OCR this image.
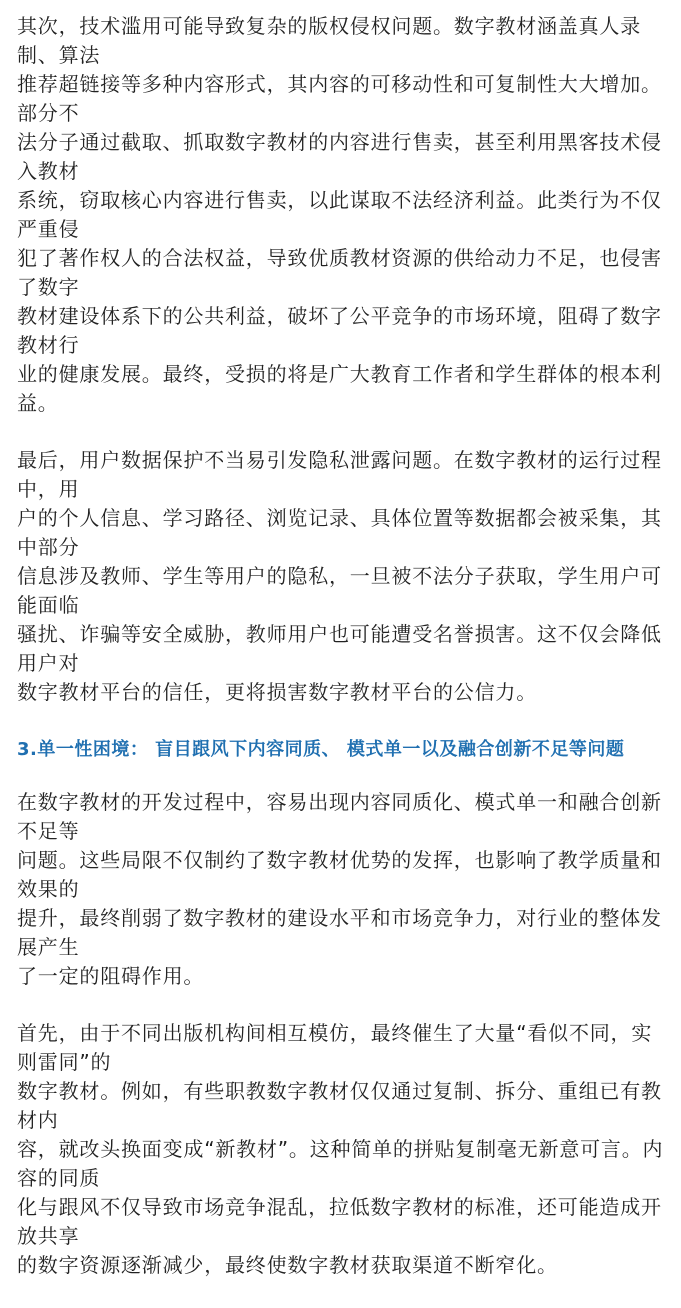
其次，技术滥用可能导致复杂的版权侵权问题。数字教材涵盖真人录制、算法
推荐超链接等多种内容形式，其内容的可移动性和可复制性大大增加。部分不
法分子通过截取、抓取数字教材的内容进行售卖，甚至利用黑客技术侵入教材
系统，窃取核心内容进行售卖，以此谋取不法经济利益。此类行为不仅严重侵
犯了著作权人的合法权益，导致优质教材资源的供给动力不足，也侵害了数字
教材建设体系下的公共利益，破坏了公平竞争的市场环境，阻碍了数字教材行
业的健康发展。最终，受损的将是广大教育工作者和学生群体的根本利益。
最后，用户数据保护不当易引发隐私泄露问题。在数字教材的运行过程中，用
户的个人信息、学习路径、浏览记录、具体位置等数据都会被采集，其中部分
信息涉及教师、学生等用户的隐私，一旦被不法分子获取，学生用户可能面临
骚扰、诈骗等安全威胁，教师用户也可能遭受名誉损害。这不仅会降低用户对
数字教材平台的信任，更将损害数字教材平台的公信力。
3.单一性困境： 盲目跟风下内容同质、 模式单一以及融合创新不足等问题
在数字教材的开发过程中，容易出现内容同质化、模式单一和融合创新不足等
问题。这些局限不仅制约了数字教材优势的发挥，也影响了教学质量和效果的
提升，最终削弱了数字教材的建设水平和市场竞争力，对行业的整体发展产生
了一定的阻碍作用。
首先，由于不同出版机构间相互模仿，最终催生了大量“看似不同，实则雷同”的
数字教材。例如，有些职教数字教材仅仅通过复制、拆分、重组已有教材内
容，就改头换面变成“新教材”。这种简单的拼贴复制毫无新意可言。内容的同质
化与跟风不仅导致市场竞争混乱，拉低数字教材的标准，还可能造成开放共享
的数字资源逐渐减少，最终使数字教材获取渠道不断窄化。
